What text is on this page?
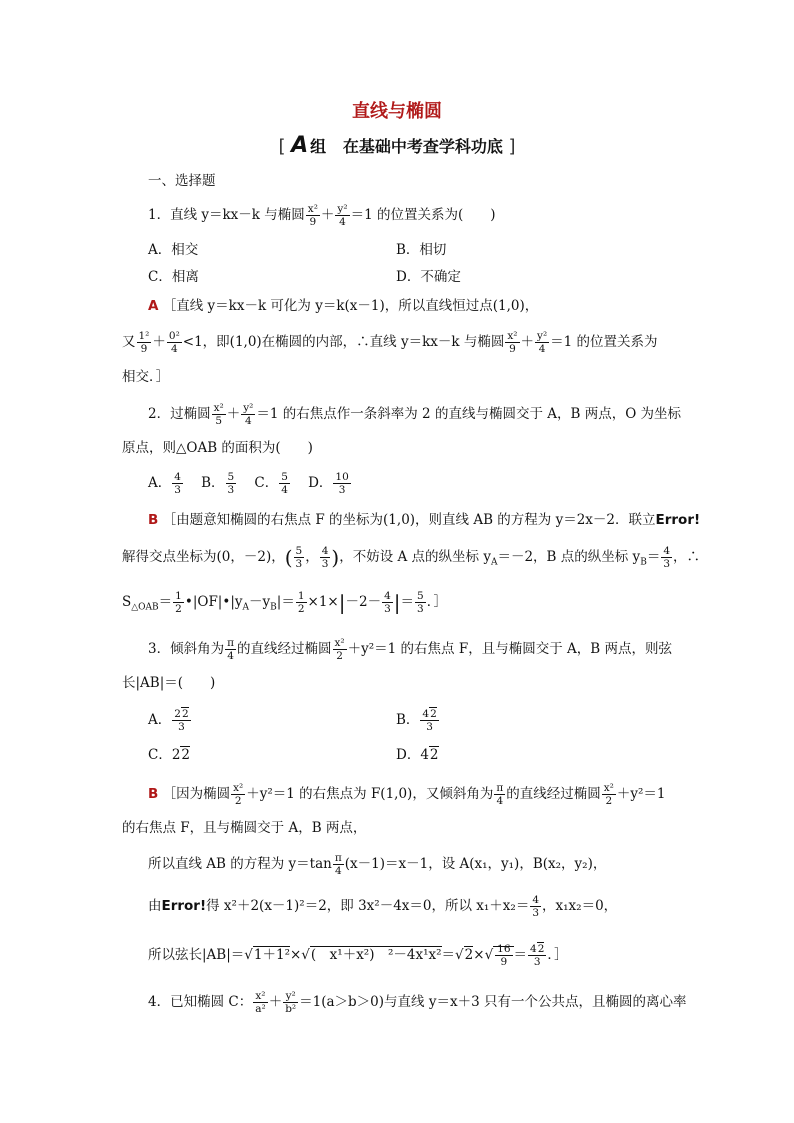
直线与椭圆
[ A 组 在基础中考查学科功底 ]
一、选择题
1．直线 y＝kx－k 与椭圆 $\frac{\text{x²}}{9} + \frac{\text{y²}}{4} =1$ 的位置关系为(　　)
A．相交	B．相切
C．相离	D．不确定
A ［直线 y＝kx－k 可化为 y＝k(x－1)，所以直线恒过点(1,0)，
又 $\frac{\text{1²}}{9} + \frac{\text{0²}}{4} <1$，即(1,0)在椭圆的内部，∴直线 y＝kx－k 与椭圆 $\frac{\text{x²}}{9} + \frac{\text{y²}}{4} =1$ 的位置关系为
相交．］
2．过椭圆 $\frac{\text{x²}}{5} + \frac{\text{y²}}{4} =1$ 的右焦点作一条斜率为 2 的直线与椭圆交于 A，B 两点，O 为坐标
原点，则△OAB 的面积为(　　)
A． $\frac{4}{3}$ B． $\frac{5}{3}$ C． $\frac{5}{4}$ D． $\frac{10}{3}$
B ［由题意知椭圆的右焦点 F 的坐标为(1,0)，则直线 AB 的方程为 y＝2x－2．联立Error!
解得交点坐标为(0，－2)，( $\frac{5}{3}$ ， $\frac{4}{3}$ )，不妨设 A 点的纵坐标 $y_A=-2$，B 点的纵坐标 $y_B= \frac{4}{3}$ ，∴
$S_{\triangle OAB}= \frac{1}{2}$ $•|OF|•|y_A-y_B|= \frac{1}{2} \times 1\times|-2- \frac{4}{3}$ |＝ $\frac{5}{3}$ ．］
3．倾斜角为 $\frac{\pi}{4}$ 的直线经过椭圆 $\frac{\text{x²}}{2} +y^2=1$ 的右焦点 F，且与椭圆交于 A，B 两点，则弦
长|AB|＝(　　)
A． $\frac{22}{3}$	B． $\frac{42}{3}$
C．22	D．42
B ［因为椭圆 $\frac{\text{x²}}{2} +y^2=1$ 的右焦点为 F(1,0)，又倾斜角为 $\frac{\pi}{4}$ 的直线经过椭圆 $\frac{\text{x²}}{2} +y^2=1$
的右焦点 F，且与椭圆交于 A，B 两点，
所以直线 AB 的方程为 $y=\tan \frac{\pi}{4} (x-1)=x-1$，设 A(x₁，y₁)，B(x₂，y₂)，
由Error!得 x²＋2(x－1)²＝2，即 3x²－4x＝0，所以 $x_1+x_2= \frac{4}{3}$ ，x₁x₂＝0，
所以弦长|AB|＝√1＋1²×√(　x¹＋x²)　$^2-4x^1x^2=√2\times√ \frac{16}{9} = \frac{42}{3}$ ．］
4．已知椭圆 C： $\frac{\text{x²}}{\text{a²}} + \frac{\text{y²}}{\text{b²}} =1(a>b>0)$与直线 y＝x＋3 只有一个公共点，且椭圆的离心率
